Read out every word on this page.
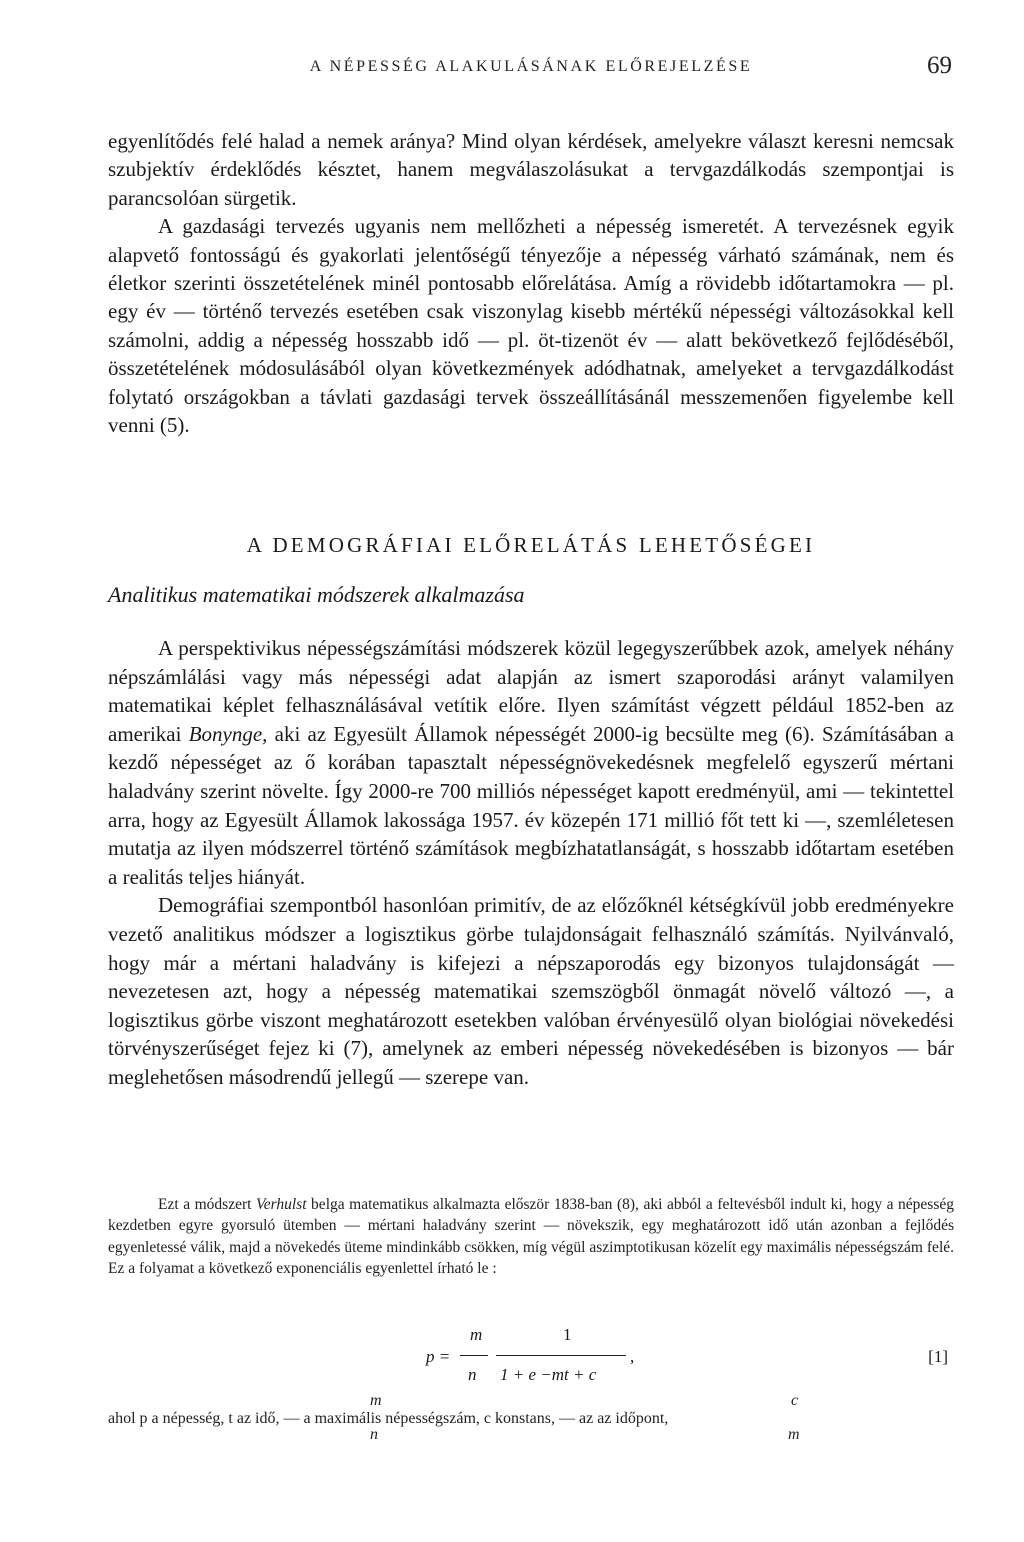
A NÉPESSÉG ALAKULÁSÁNAK ELŐREJELZÉSE	69

egyenlítődés felé halad a nemek aránya? Mind olyan kérdések, amelyekre választ keresni nemcsak szubjektív érdeklődés késztet, hanem megválaszolásukat a tervgazdálkodás szempontjai is parancsolóan sürgetik.

A gazdasági tervezés ugyanis nem mellőzheti a népesség ismeretét. A tervezésnek egyik alapvető fontosságú és gyakorlati jelentőségű tényezője a népesség várható számának, nem és életkor szerinti összetételének minél pontosabb előrelátása. Amíg a rövidebb időtartamokra — pl. egy év — történő tervezés esetében csak viszonylag kisebb mértékű népességi változásokkal kell számolni, addig a népesség hosszabb idő — pl. öt-tizenöt év — alatt bekövetkező fejlődéséből, összetételének módosulásából olyan következmények adódhatnak, amelyeket a tervgazdálkodást folytató országokban a távlati gazdasági tervek összeállításánál messzemenően figyelembe kell venni (5).

A DEMOGRÁFIAI ELŐRELÁTÁS LEHETŐSÉGEI
Analitikus matematikai módszerek alkalmazása

A perspektivikus népességszámítási módszerek közül legegyszerűbbek azok, amelyek néhány népszámlálási vagy más népességi adat alapján az ismert szaporodási arányt valamilyen matematikai képlet felhasználásával vetítik előre. Ilyen számítást végzett például 1852-ben az amerikai Bonynge, aki az Egyesült Államok népességét 2000-ig becsülte meg (6). Számításában a kezdő népességet az ő korában tapasztalt népességnövekedésnek megfelelő egyszerű mértani haladvány szerint növelte. Így 2000-re 700 milliós népességet kapott eredményül, ami — tekintettel arra, hogy az Egyesült Államok lakossága 1957. év közepén 171 millió főt tett ki —, szemléletesen mutatja az ilyen módszerrel történő számítások megbízhatatlanságát, s hosszabb időtartam esetében a realitás teljes hiányát.

Demográfiai szempontból hasonlóan primitív, de az előzőknél kétségkívül jobb eredményekre vezető analitikus módszer a logisztikus görbe tulajdonságait felhasználó számítás. Nyilvánvaló, hogy már a mértani haladvány is kifejezi a népszaporodás egy bizonyos tulajdonságát — nevezetesen azt, hogy a népesség matematikai szemszögből önmagát növelő változó —, a logisztikus görbe viszont meghatározott esetekben valóban érvényesülő olyan biológiai növekedési törvényszerűséget fejez ki (7), amelynek az emberi népesség növekedésében is bizonyos — bár meglehetősen másodrendű jellegű — szerepe van.

Ezt a módszert Verhulst belga matematikus alkalmazta először 1838-ban (8), aki abból a feltevésből indult ki, hogy a népesség kezdetben egyre gyorsuló ütemben — mértani haladvány szerint — növekszik, egy meghatározott idő után azonban a fejlődés egyenletessé válik, majd a növekedés üteme mindinkább csökken, míg végül aszimptotikusan közelít egy maximális népességszám felé. Ez a folyamat a következő exponenciális egyenlettel írható le :

p =
m
n
1
1 + e −mt + c
,	[1]
m
n
c
m
ahol p a népesség, t az idő, — a maximális népességszám, c konstans, — az az időpont,
